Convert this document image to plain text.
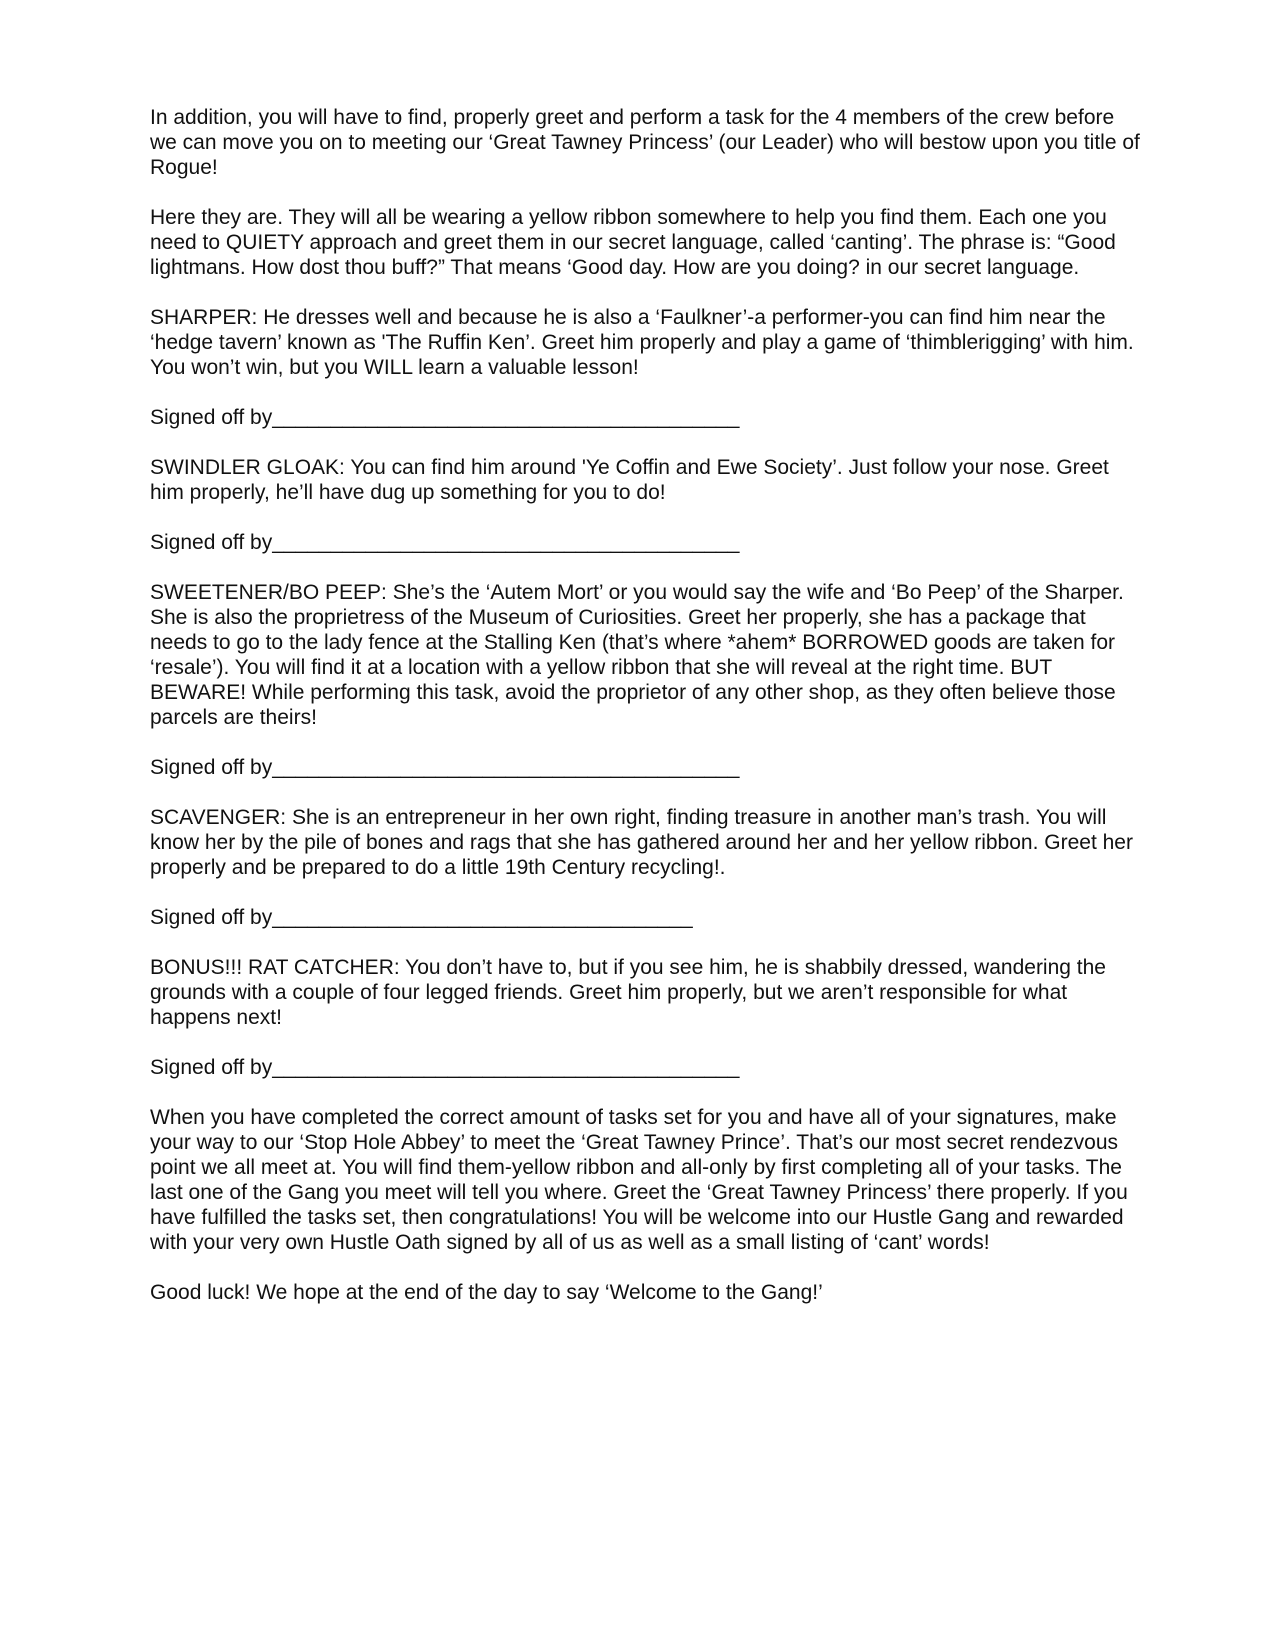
In addition, you will have to find, properly greet and perform a task for the 4 members of the crew before we can move you on to meeting our ‘Great Tawney Princess’ (our Leader) who will bestow upon you title of Rogue!

Here they are. They will all be wearing a yellow ribbon somewhere to help you find them. Each one you need to QUIETY approach and greet them in our secret language, called ‘canting’. The phrase is: “Good lightmans. How dost thou buff?” That means ‘Good day. How are you doing? in our secret language.

SHARPER: He dresses well and because he is also a ‘Faulkner’-a performer-you can find him near the ‘hedge tavern’ known as 'The Ruffin Ken’. Greet him properly and play a game of ‘thimblerigging’ with him. You won’t win, but you WILL learn a valuable lesson!

Signed off by________________________________________

SWINDLER GLOAK: You can find him around 'Ye Coffin and Ewe Society’. Just follow your nose. Greet him properly, he’ll have dug up something for you to do!

Signed off by________________________________________

SWEETENER/BO PEEP: She’s the ‘Autem Mort’ or you would say the wife and ‘Bo Peep’ of the Sharper. She is also the proprietress of the Museum of Curiosities. Greet her properly, she has a package that needs to go to the lady fence at the Stalling Ken (that’s where *ahem* BORROWED goods are taken for ‘resale’). You will find it at a location with a yellow ribbon that she will reveal at the right time. BUT BEWARE! While performing this task, avoid the proprietor of any other shop, as they often believe those parcels are theirs!

Signed off by________________________________________

SCAVENGER: She is an entrepreneur in her own right, finding treasure in another man’s trash. You will know her by the pile of bones and rags that she has gathered around her and her yellow ribbon. Greet her properly and be prepared to do a little 19th Century recycling!.

Signed off by____________________________________

BONUS!!! RAT CATCHER: You don’t have to, but if you see him, he is shabbily dressed, wandering the grounds with a couple of four legged friends. Greet him properly, but we aren’t responsible for what happens next!

Signed off by________________________________________

When you have completed the correct amount of tasks set for you and have all of your signatures, make your way to our ‘Stop Hole Abbey’ to meet the ‘Great Tawney Prince’. That’s our most secret rendezvous point we all meet at. You will find them-yellow ribbon and all-only by first completing all of your tasks. The last one of the Gang you meet will tell you where. Greet the ‘Great Tawney Princess’ there properly. If you have fulfilled the tasks set, then congratulations! You will be welcome into our Hustle Gang and rewarded with your very own Hustle Oath signed by all of us as well as a small listing of ‘cant’ words!

Good luck! We hope at the end of the day to say ‘Welcome to the Gang!’
